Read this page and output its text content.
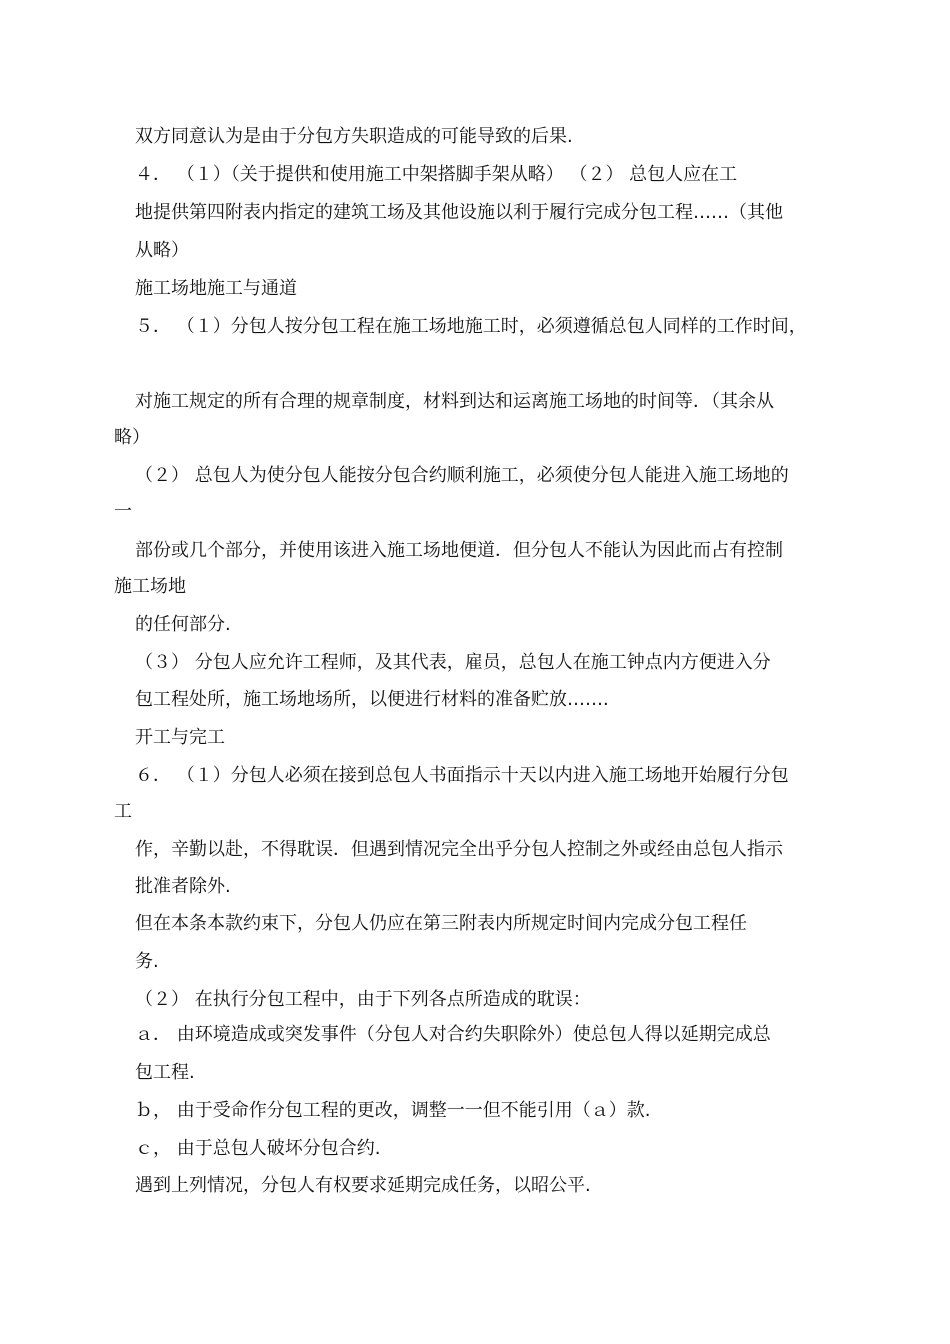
双方同意认为是由于分包方失职造成的可能导致的后果.
４． （１）（关于提供和使用施工中架搭脚手架从略） （２） 总包人应在工
地提供第四附表内指定的建筑工场及其他设施以利于履行完成分包工程……（其他
从略）
施工场地施工与通道
５． （１）分包人按分包工程在施工场地施工时，必须遵循总包人同样的工作时间，
对施工规定的所有合理的规章制度，材料到达和运离施工场地的时间等．（其余从
略）
（２） 总包人为使分包人能按分包合约顺利施工，必须使分包人能进入施工场地的
一
部份或几个部分，并使用该进入施工场地便道．但分包人不能认为因此而占有控制
施工场地
的任何部分.
（３） 分包人应允许工程师，及其代表，雇员，总包人在施工钟点内方便进入分
包工程处所，施工场地场所，以便进行材料的准备贮放…….
开工与完工
６． （１）分包人必须在接到总包人书面指示十天以内进入施工场地开始履行分包
工
作，辛勤以赴，不得耽误．但遇到情况完全出乎分包人控制之外或经由总包人指示
批准者除外.
但在本条本款约束下，分包人仍应在第三附表内所规定时间内完成分包工程任
务.
（２） 在执行分包工程中，由于下列各点所造成的耽误：
ａ． 由环境造成或突发事件（分包人对合约失职除外）使总包人得以延期完成总
包工程.
ｂ， 由于受命作分包工程的更改，调整一一但不能引用（ａ）款.
ｃ， 由于总包人破坏分包合约.
遇到上列情况，分包人有权要求延期完成任务，以昭公平.
